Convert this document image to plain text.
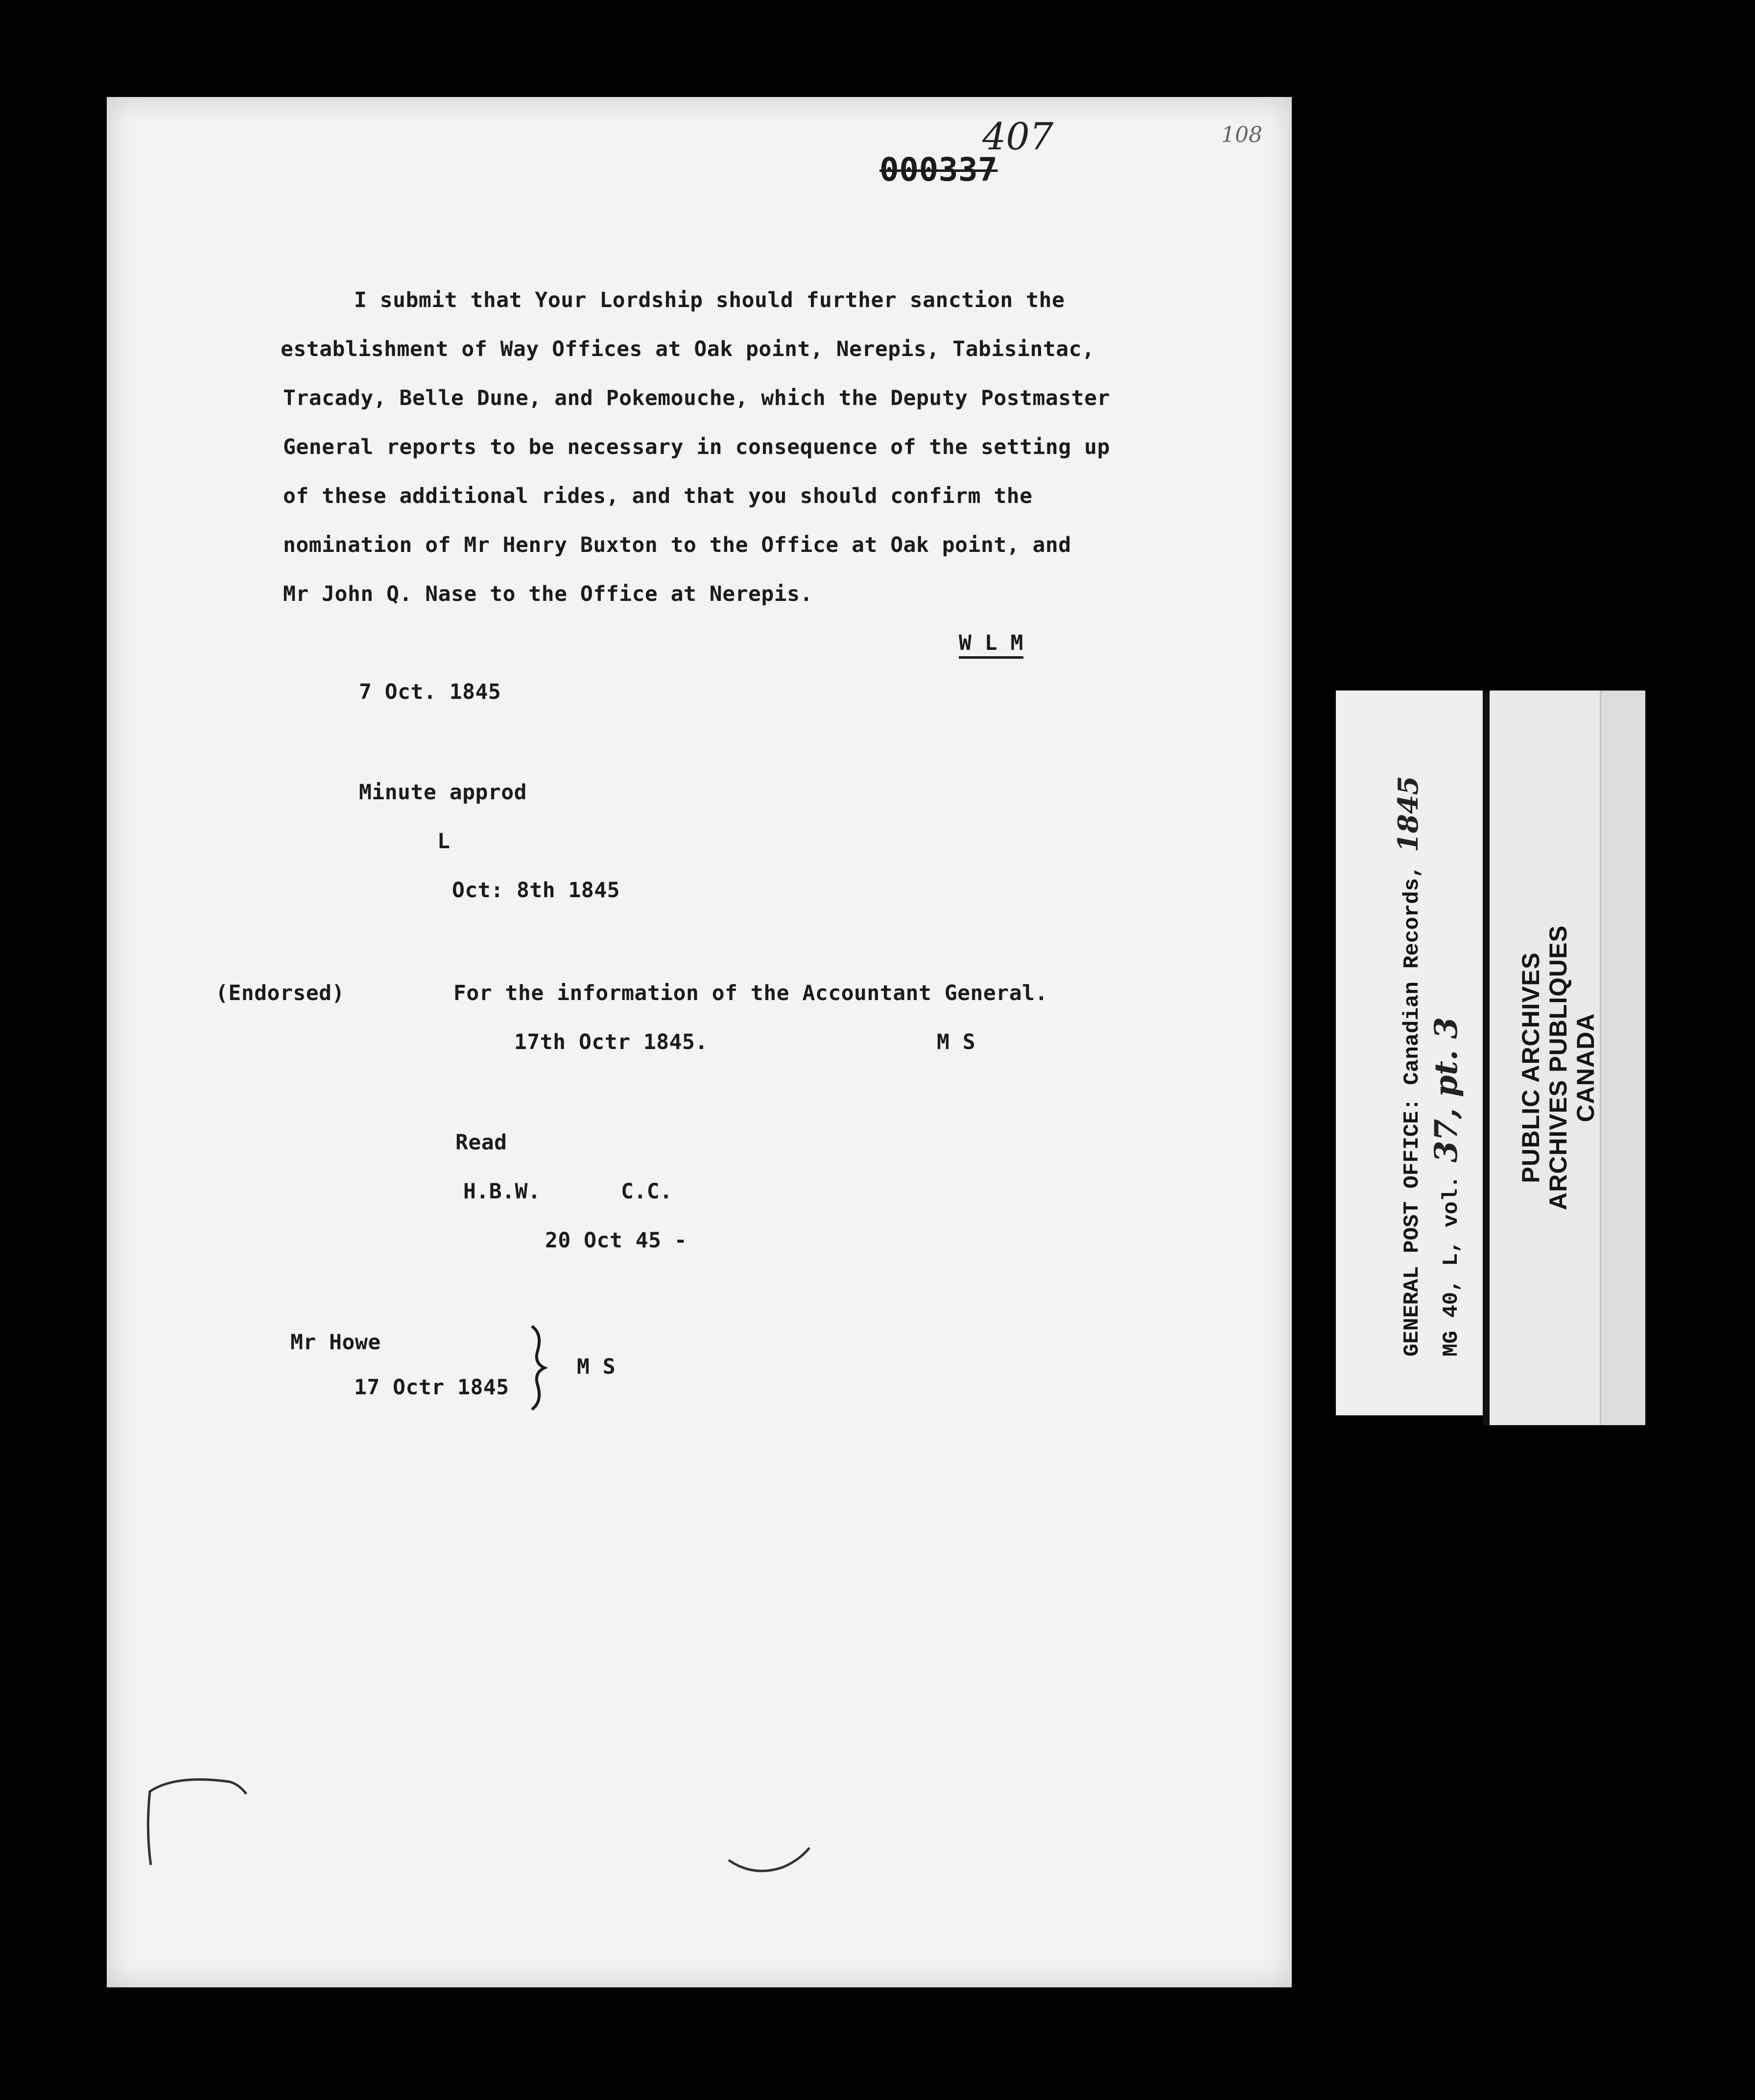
407
000337
108
I submit that Your Lordship should further sanction the
establishment of Way Offices at Oak point, Nerepis, Tabisintac,
Tracady, Belle Dune, and Pokemouche, which the Deputy Postmaster
General reports to be necessary in consequence of the setting up
of these additional rides, and that you should confirm the
nomination of Mr Henry Buxton to the Office at Oak point, and
Mr John Q. Nase to the Office at Nerepis.
W L M
7 Oct. 1845
Minute approd
L
Oct: 8th 1845
(Endorsed)	For the information of the Accountant General.
17th Octr 1845.	M S
Read
H.B.W.	C.C.
20 Oct 45 -
Mr Howe
17 Octr 1845
M S
GENERAL POST OFFICE: Canadian Records, 1845
MG 40, L, vol. 37, pt. 3 PUBLIC ARCHIVES ARCHIVES PUBLIQUES CANADA
